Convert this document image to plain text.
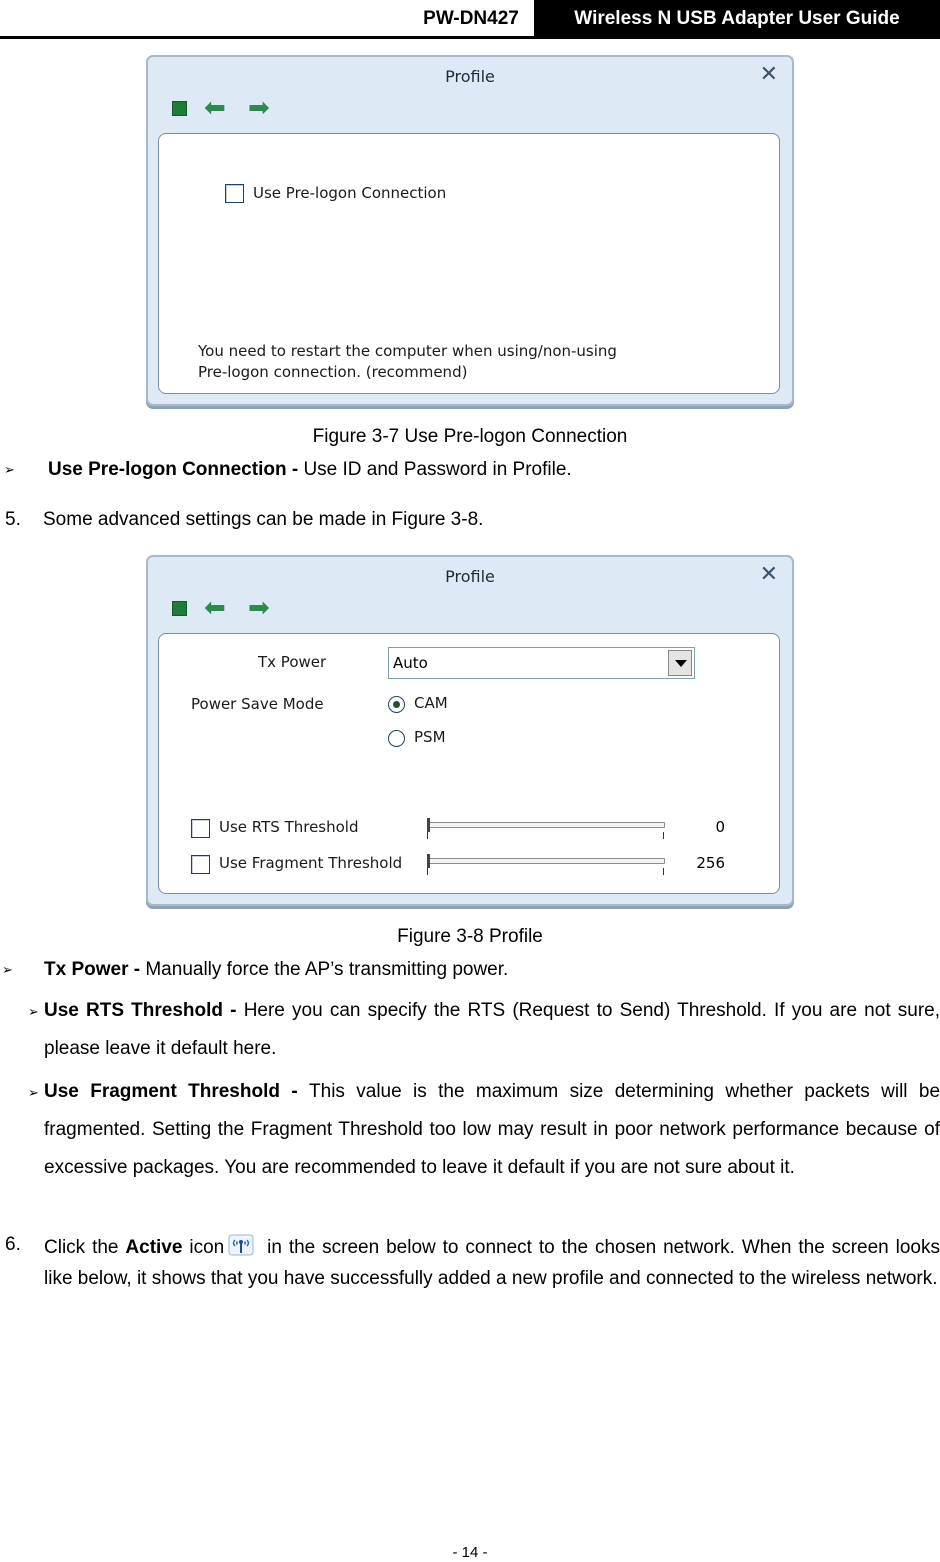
PW-DN427	Wireless N USB Adapter User Guide
Profile	✕
⬅ ➡
Use Pre-logon Connection
You need to restart the computer when using/non-using
Pre-logon connection. (recommend)
Figure 3-7 Use Pre-logon Connection
➢ Use Pre-logon Connection - Use ID and Password in Profile.
5. Some advanced settings can be made in Figure 3-8.
Profile	✕
⬅ ➡
Tx Power	Auto
Power Save Mode	CAM
PSM
Use RTS Threshold	0
Use Fragment Threshold	256
Figure 3-8 Profile
➢ Tx Power - Manually force the AP’s transmitting power.
➢ Use RTS Threshold - Here you can specify the RTS (Request to Send) Threshold. If you are not sure, please leave it default here.
➢ Use Fragment Threshold - This value is the maximum size determining whether packets will be fragmented. Setting the Fragment Threshold too low may result in poor network performance because of excessive packages. You are recommended to leave it default if you are not sure about it.
6. Click the Active icon in the screen below to connect to the chosen network. When the screen looks like below, it shows that you have successfully added a new profile and connected to the wireless network.
- 14 -
